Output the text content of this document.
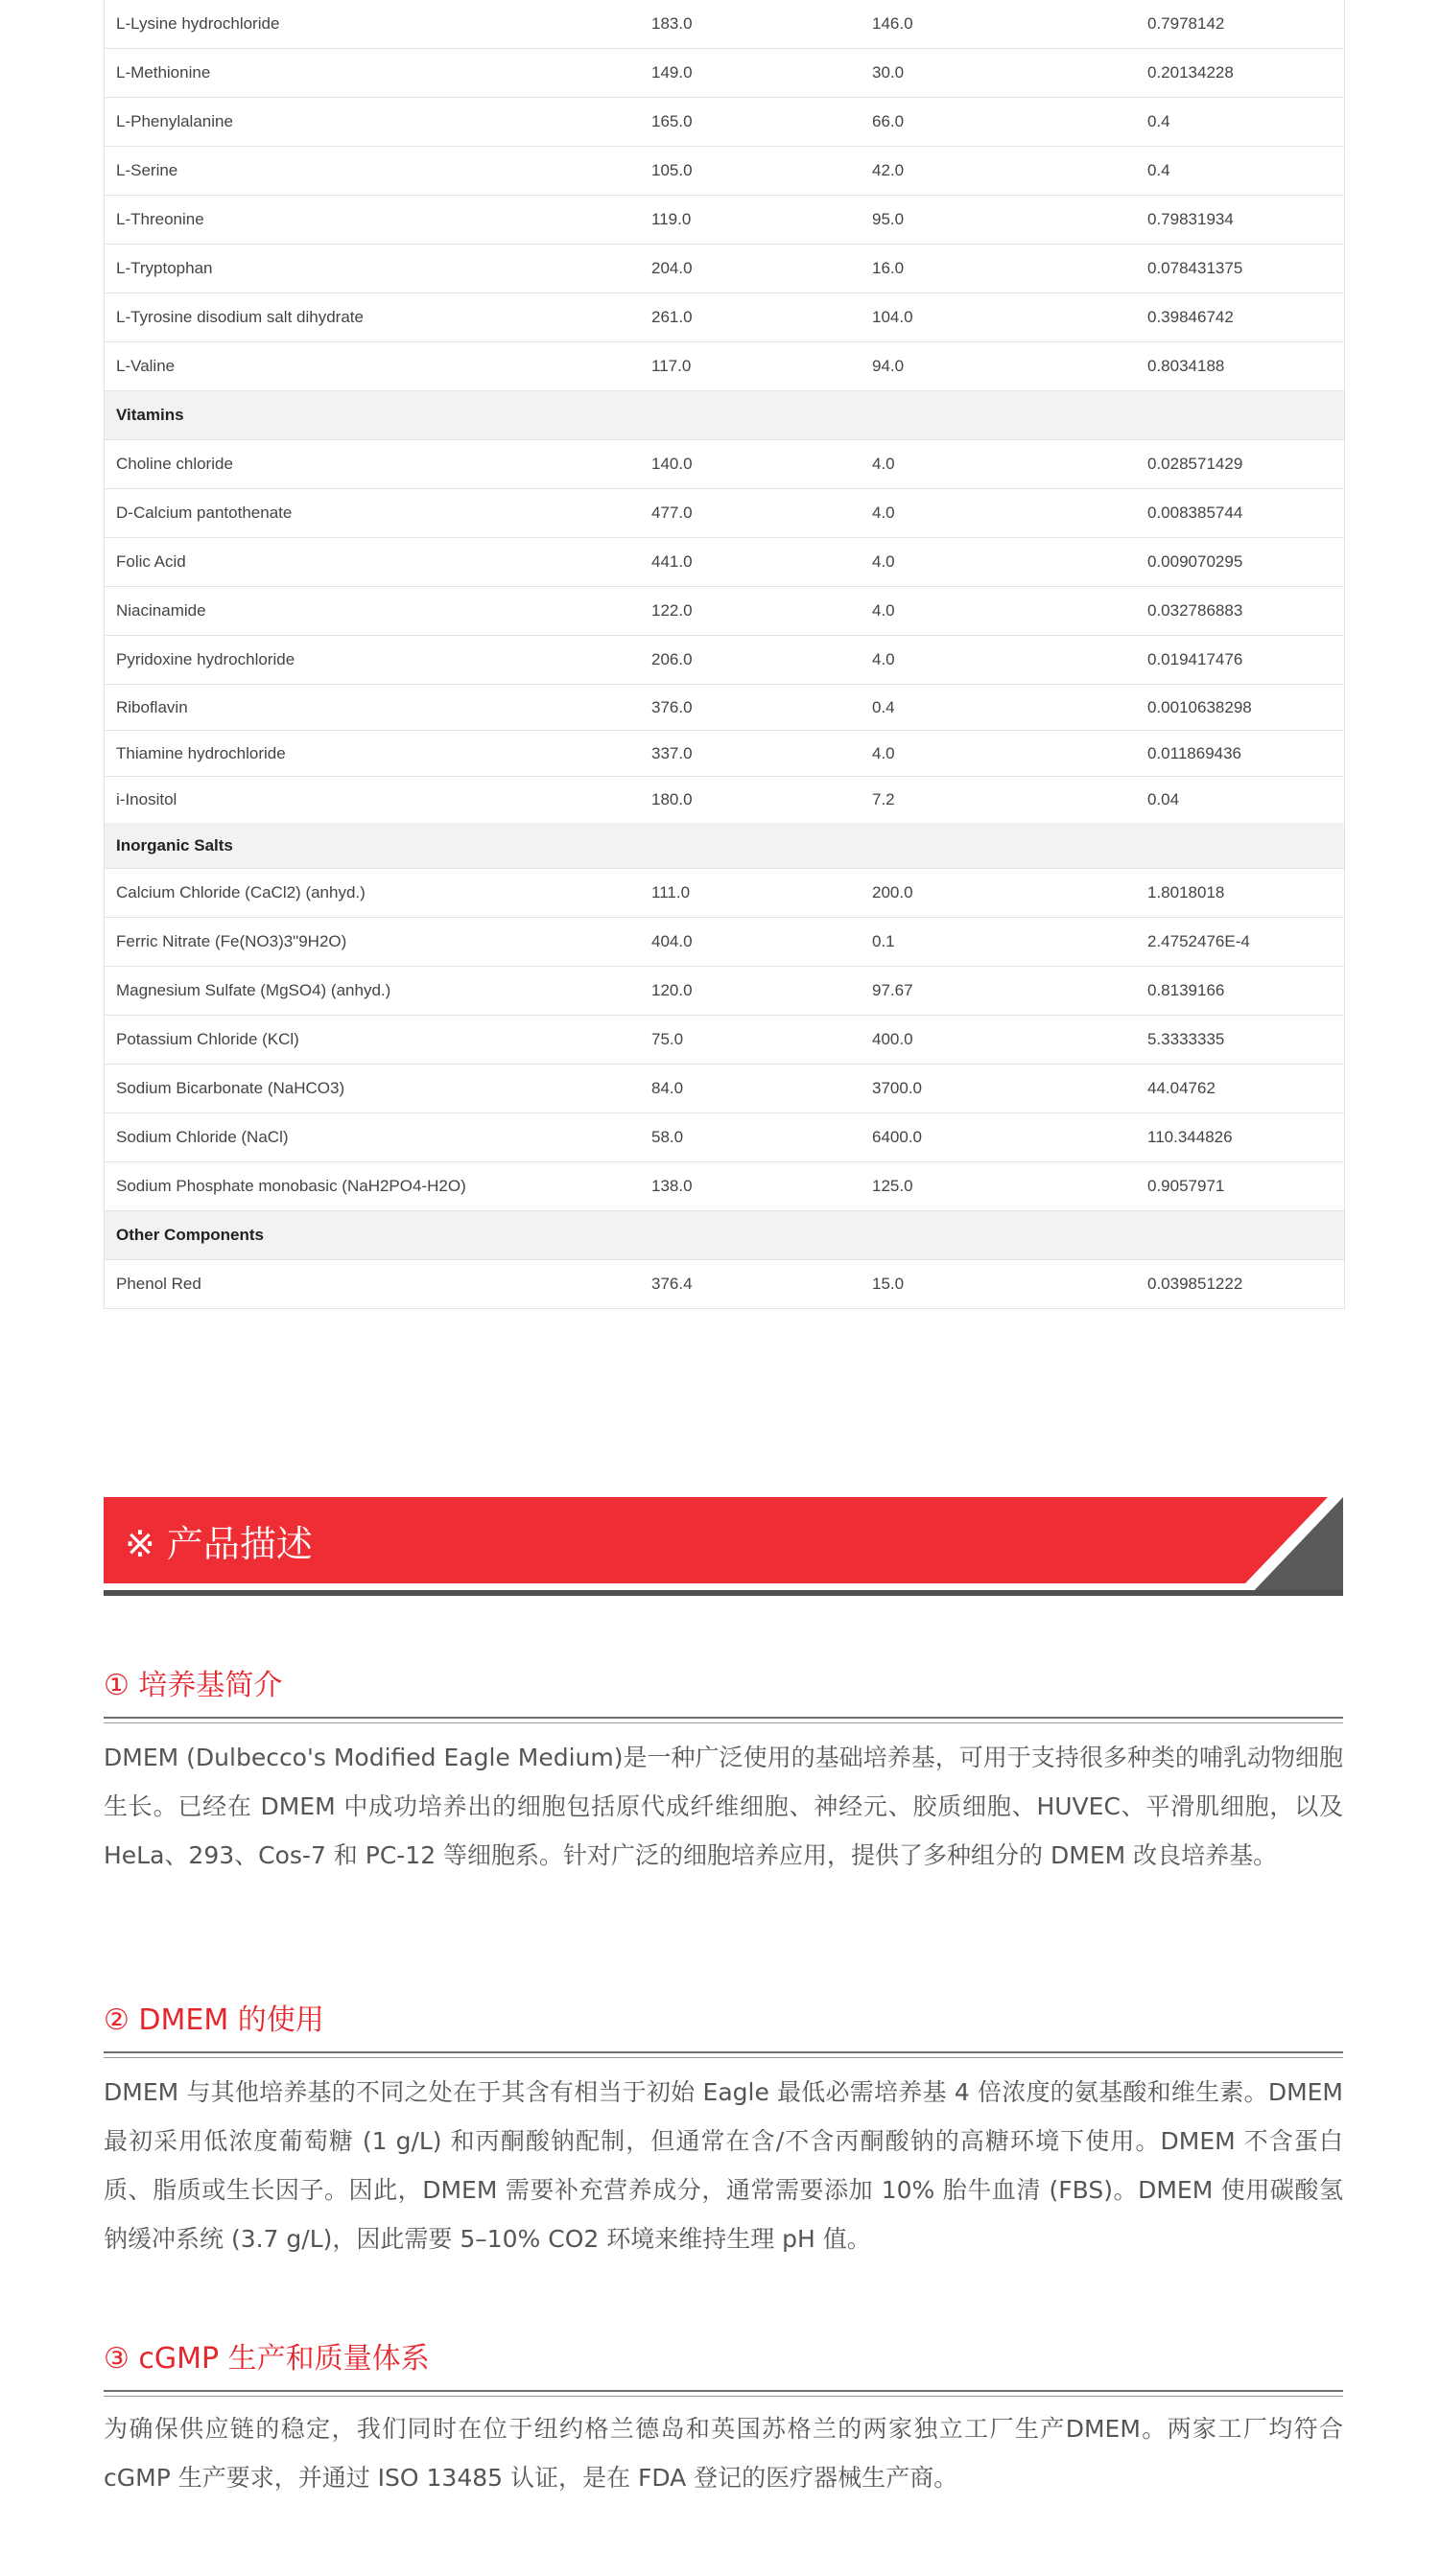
L-Lysine hydrochloride	183.0	146.0	0.7978142
L-Methionine	149.0	30.0	0.20134228
L-Phenylalanine	165.0	66.0	0.4
L-Serine	105.0	42.0	0.4
L-Threonine	119.0	95.0	0.79831934
L-Tryptophan	204.0	16.0	0.078431375
L-Tyrosine disodium salt dihydrate	261.0	104.0	0.39846742
L-Valine	117.0	94.0	0.8034188
Vitamins
Choline chloride	140.0	4.0	0.028571429
D-Calcium pantothenate	477.0	4.0	0.008385744
Folic Acid	441.0	4.0	0.009070295
Niacinamide	122.0	4.0	0.032786883
Pyridoxine hydrochloride	206.0	4.0	0.019417476
Riboflavin	376.0	0.4	0.0010638298
Thiamine hydrochloride	337.0	4.0	0.011869436
i-Inositol	180.0	7.2	0.04
Inorganic Salts
Calcium Chloride (CaCl2) (anhyd.)	111.0	200.0	1.8018018
Ferric Nitrate (Fe(NO3)3"9H2O)	404.0	0.1	2.4752476E-4
Magnesium Sulfate (MgSO4) (anhyd.)	120.0	97.67	0.8139166
Potassium Chloride (KCl)	75.0	400.0	5.3333335
Sodium Bicarbonate (NaHCO3)	84.0	3700.0	44.04762
Sodium Chloride (NaCl)	58.0	6400.0	110.344826
Sodium Phosphate monobasic (NaH2PO4-H2O)	138.0	125.0	0.9057971
Other Components
Phenol Red	376.4	15.0	0.039851222
※ 产品描述
① 培养基简介

DMEM (Dulbecco's Modified Eagle Medium)是一种广泛使用的基础培养基，可用于支持很多种类的哺乳动物细胞生长。已经在 DMEM 中成功培养出的细胞包括原代成纤维细胞、神经元、胶质细胞、HUVEC、平滑肌细胞，以及 HeLa、293、Cos-7 和 PC-12 等细胞系。针对广泛的细胞培养应用，提供了多种组分的 DMEM 改良培养基。

② DMEM 的使用

DMEM 与其他培养基的不同之处在于其含有相当于初始 Eagle 最低必需培养基 4 倍浓度的氨基酸和维生素。DMEM 最初采用低浓度葡萄糖 (1 g/L) 和丙酮酸钠配制，但通常在含/不含丙酮酸钠的高糖环境下使用。DMEM 不含蛋白质、脂质或生长因子。因此，DMEM 需要补充营养成分，通常需要添加 10% 胎牛血清 (FBS)。DMEM 使用碳酸氢钠缓冲系统 (3.7 g/L)，因此需要 5–10% CO2 环境来维持生理 pH 值。

③ cGMP 生产和质量体系

为确保供应链的稳定，我们同时在位于纽约格兰德岛和英国苏格兰的两家独立工厂生产DMEM。两家工厂均符合 cGMP 生产要求，并通过 ISO 13485 认证，是在 FDA 登记的医疗器械生产商。
